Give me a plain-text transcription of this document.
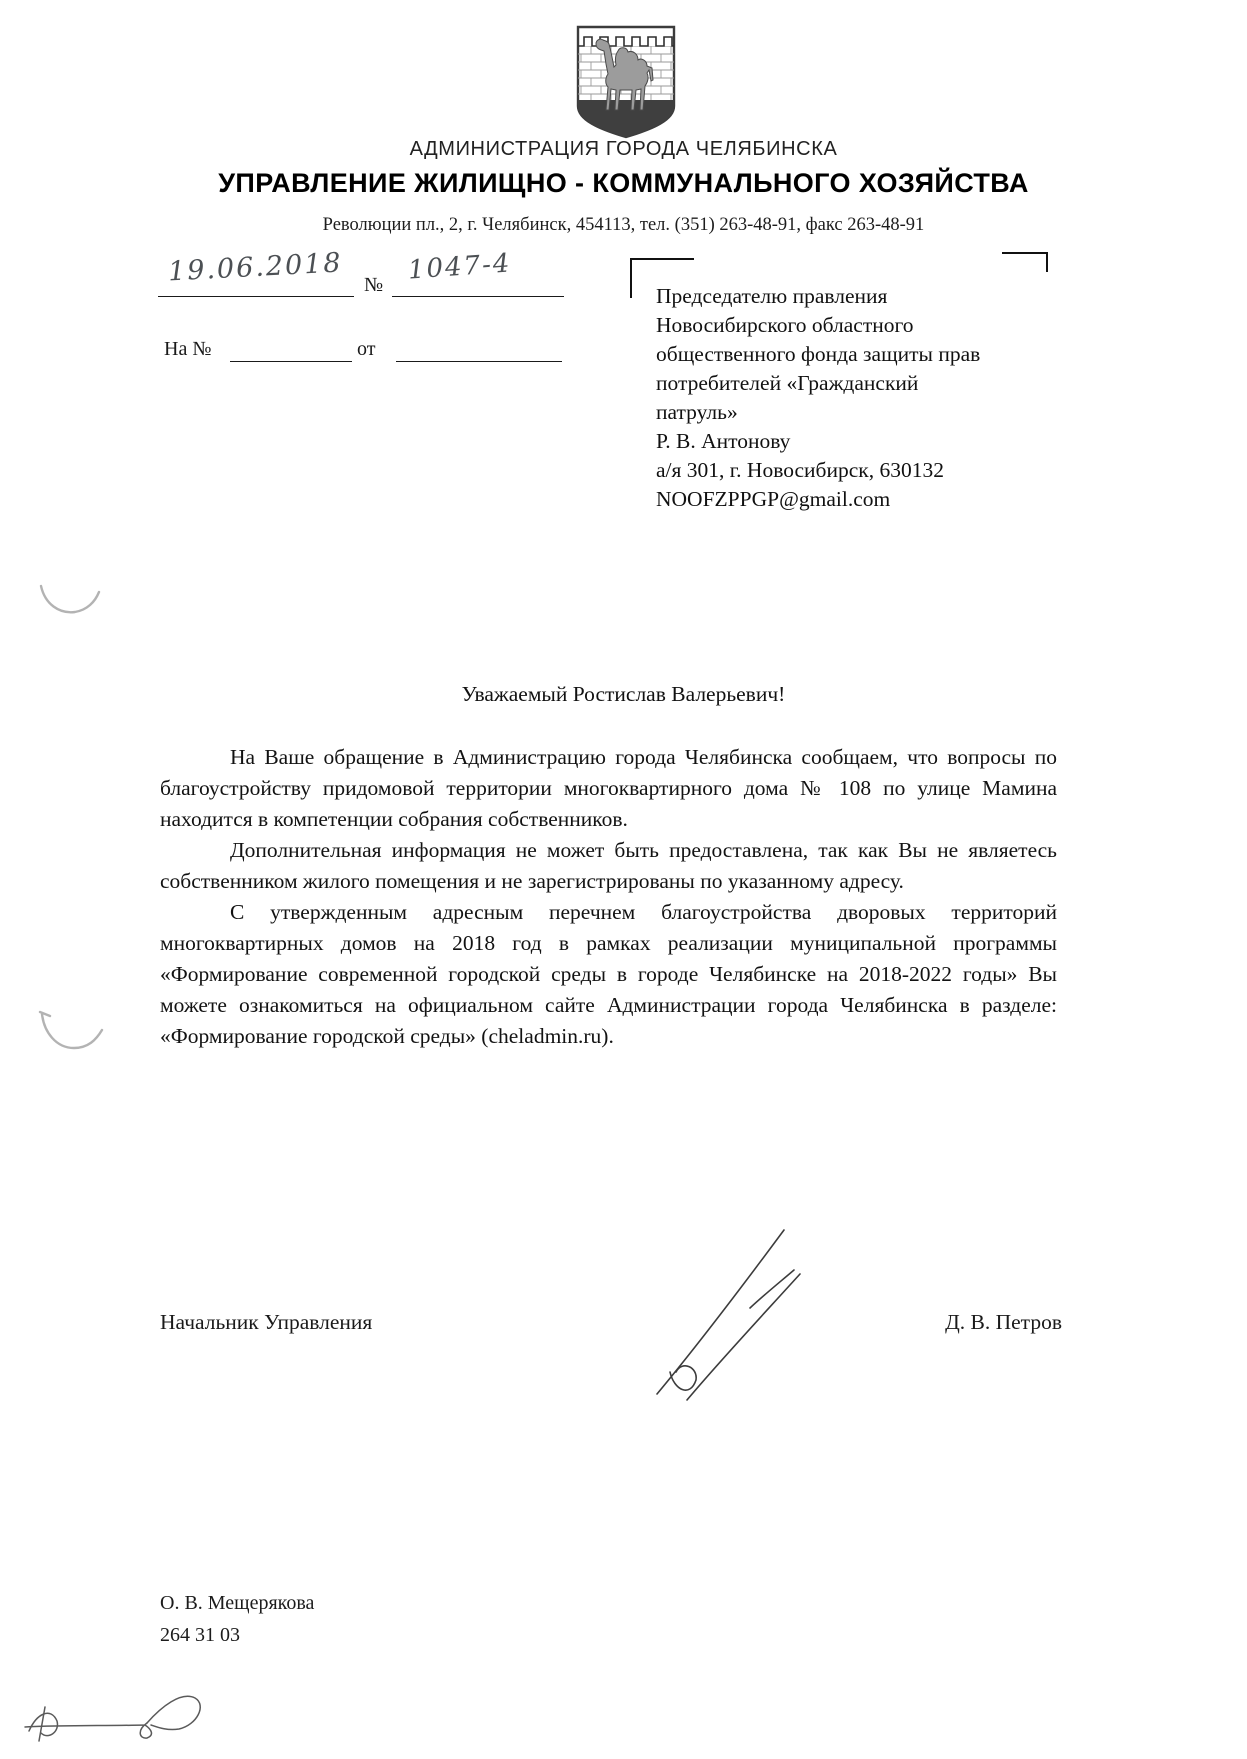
АДМИНИСТРАЦИЯ ГОРОДА ЧЕЛЯБИНСКА
УПРАВЛЕНИЕ ЖИЛИЩНО - КОММУНАЛЬНОГО ХОЗЯЙСТВА
Революции пл., 2, г. Челябинск, 454113, тел. (351) 263-48-91, факс 263-48-91
19.06.2018 № 1047-4
На №	от
Председателю правления
Новосибирского областного
общественного фонда защиты прав
потребителей «Гражданский
патруль»
Р. В. Антонову
а/я 301, г. Новосибирск, 630132
NOOFZPPGP@gmail.com
Уважаемый Ростислав Валерьевич!

На Ваше обращение в Администрацию города Челябинска сообщаем, что вопросы по благоустройству придомовой территории многоквартирного дома № 108 по улице Мамина находится в компетенции собрания собственников.

Дополнительная информация не может быть предоставлена, так как Вы не являетесь собственником жилого помещения и не зарегистрированы по указанному адресу.

С утвержденным адресным перечнем благоустройства дворовых территорий многоквартирных домов на 2018 год в рамках реализации муниципальной программы «Формирование современной городской среды в городе Челябинске на 2018-2022 годы» Вы можете ознакомиться на официальном сайте Администрации города Челябинска в разделе: «Формирование городской среды» (cheladmin.ru).

Начальник Управления	Д. В. Петров
О. В. Мещерякова
264 31 03
